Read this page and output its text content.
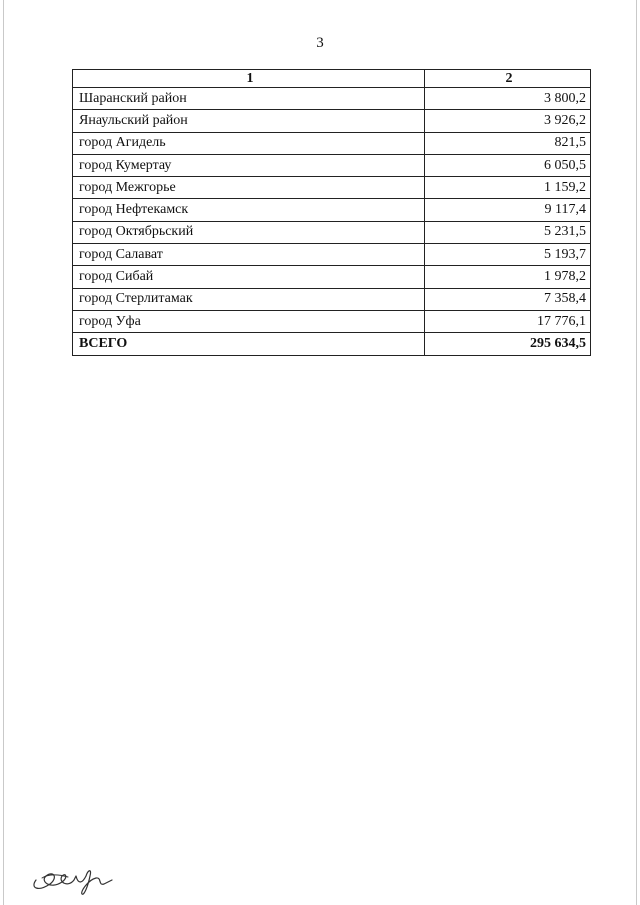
3
1	2
Шаранский район	3 800,2
Янаульский район	3 926,2
город Агидель	821,5
город Кумертау	6 050,5
город Межгорье	1 159,2
город Нефтекамск	9 117,4
город Октябрьский	5 231,5
город Салават	5 193,7
город Сибай	1 978,2
город Стерлитамак	7 358,4
город Уфа	17 776,1
ВСЕГО	295 634,5
